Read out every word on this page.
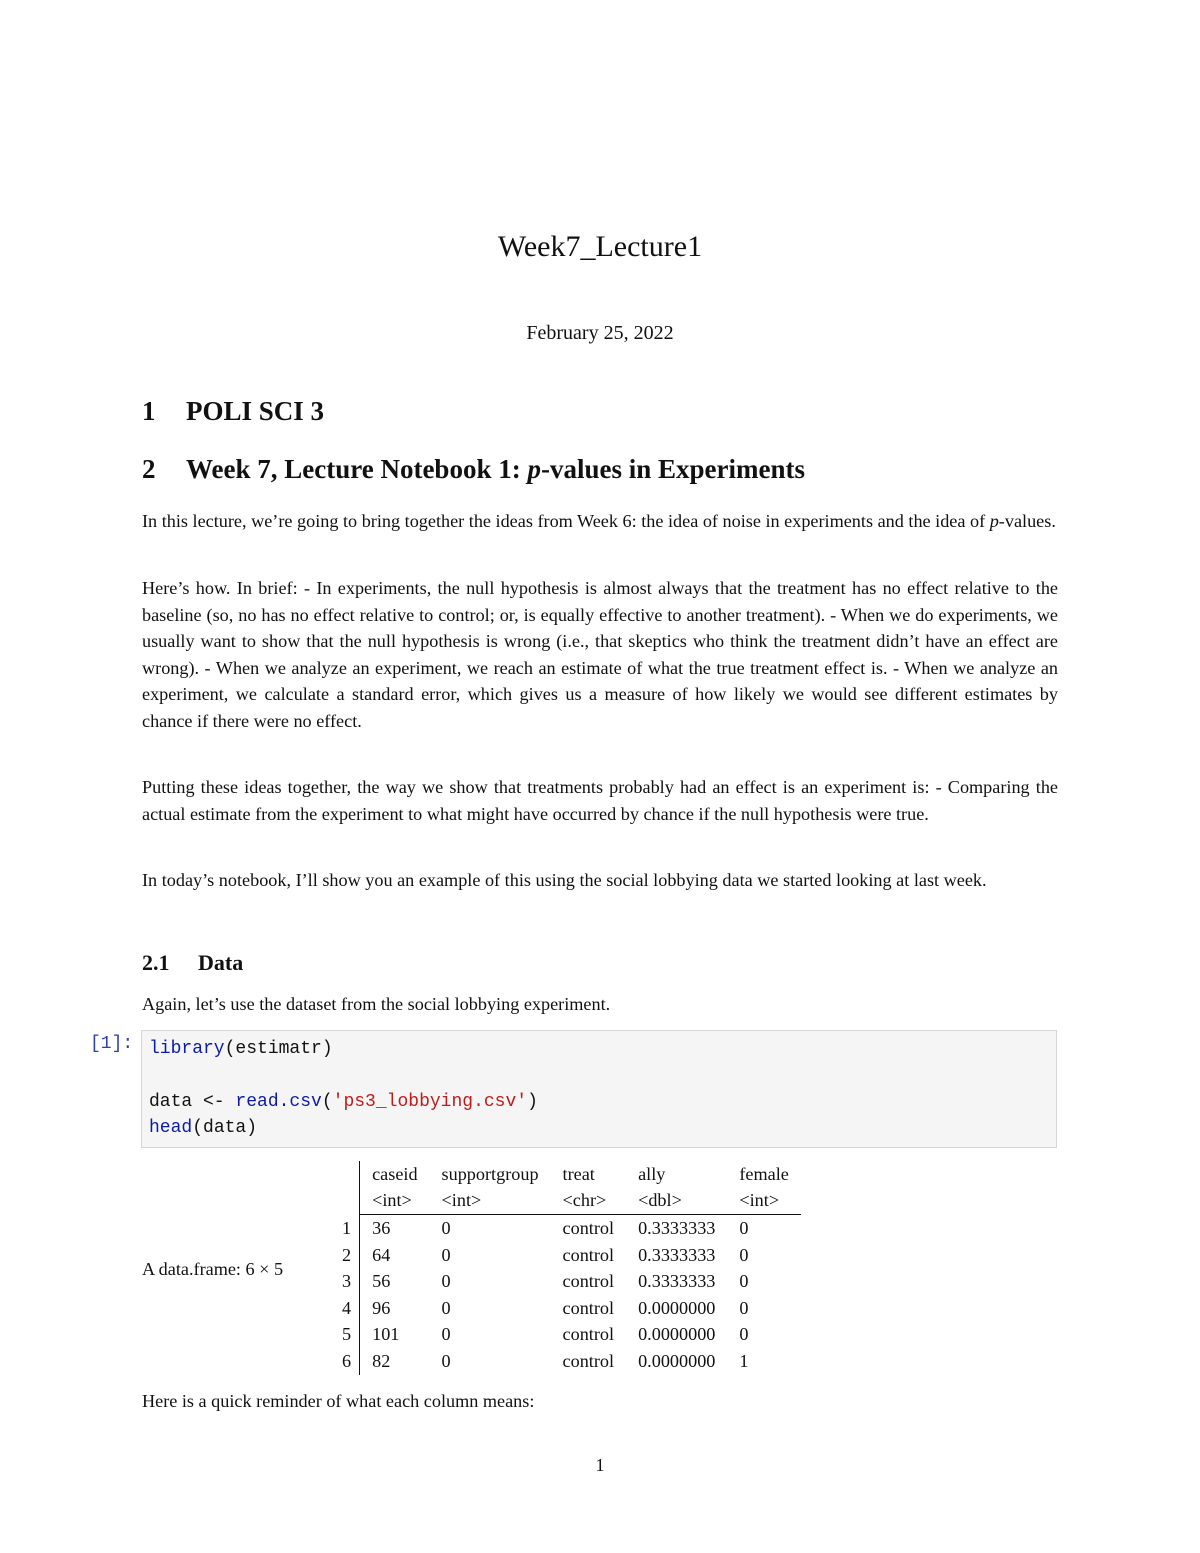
Week7_Lecture1
February 25, 2022
1 POLI SCI 3
2 Week 7, Lecture Notebook 1: p-values in Experiments
In this lecture, we’re going to bring together the ideas from Week 6: the idea of noise in experiments and the idea of p-values.
Here’s how. In brief: - In experiments, the null hypothesis is almost always that the treatment has no effect relative to the baseline (so, no has no effect relative to control; or, is equally effective to another treatment). - When we do experiments, we usually want to show that the null hypothesis is wrong (i.e., that skeptics who think the treatment didn’t have an effect are wrong). - When we analyze an experiment, we reach an estimate of what the true treatment effect is. - When we analyze an experiment, we calculate a standard error, which gives us a measure of how likely we would see different estimates by chance if there were no effect.
Putting these ideas together, the way we show that treatments probably had an effect is an experiment is: - Comparing the actual estimate from the experiment to what might have occurred by chance if the null hypothesis were true.
In today’s notebook, I’ll show you an example of this using the social lobbying data we started looking at last week.
2.1 Data
Again, let’s use the dataset from the social lobbying experiment.
[1]: library(estimatr)

data <- read.csv('ps3_lobbying.csv')
head(data)
A data.frame: 6 × 5
	caseid	supportgroup	treat	ally	female
	<int>	<int>	<chr>	<dbl>	<int>
1	36	0	control	0.3333333	0
2	64	0	control	0.3333333	0
3	56	0	control	0.3333333	0
4	96	0	control	0.0000000	0
5	101	0	control	0.0000000	0
6	82	0	control	0.0000000	1
Here is a quick reminder of what each column means:
1
